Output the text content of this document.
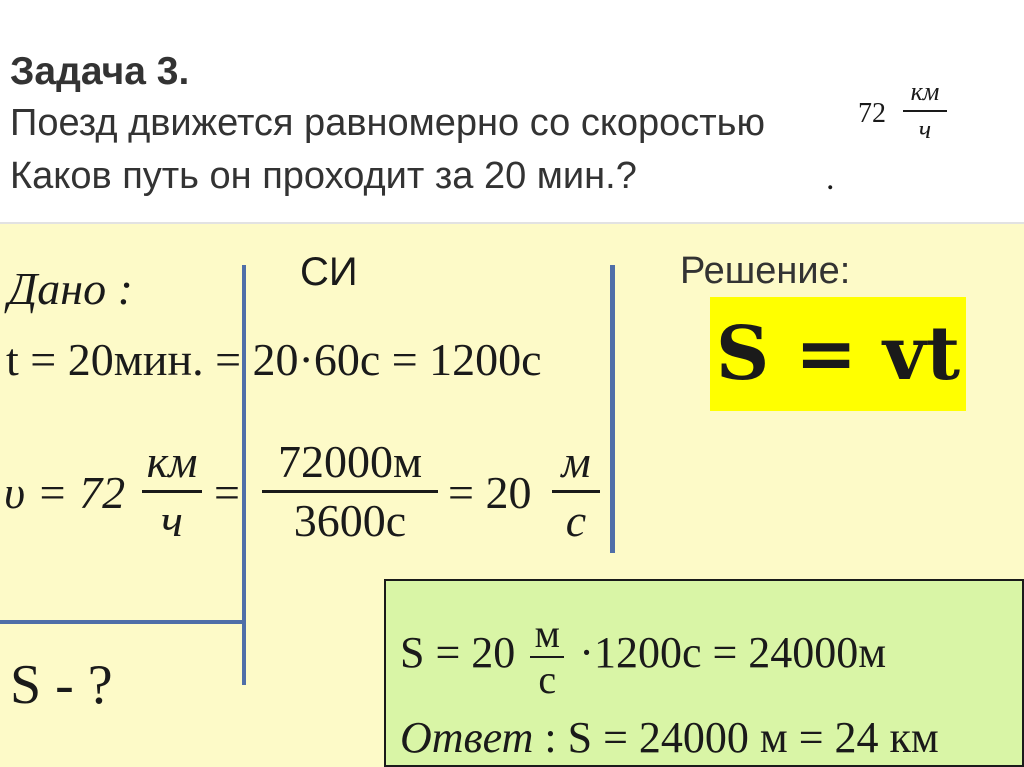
Задача 3.
Поезд движется равномерно со скоростью
Каков путь он проходит за 20 мин.?	.
72
км
ч
Дано :	СИ	Решение:
S = vt
t = 20мин. = 20·60с = 1200с
υ = 72
км
ч
=
72000м
3600с
= 20
м
с
S - ?
S = 20 м
с
·1200с = 24000м
Ответ : S = 24000 м = 24 км
